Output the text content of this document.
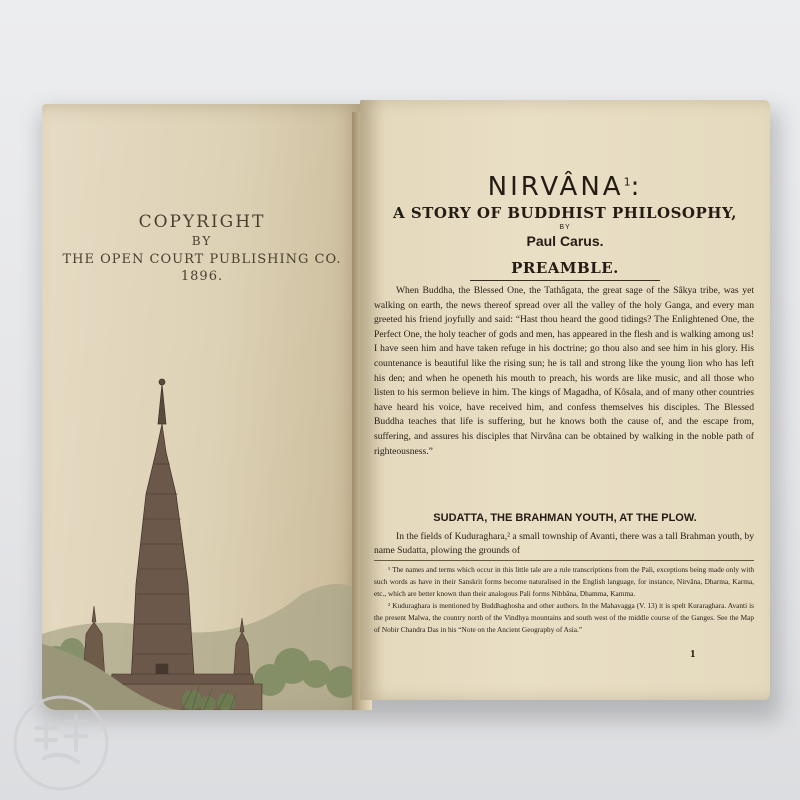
COPYRIGHT
BY
THE OPEN COURT PUBLISHING CO.
1896.
NIRVÂNA$^1$:
A STORY OF BUDDHIST PHILOSOPHY,
BY
Paul Carus.
PREAMBLE.
When Buddha, the Blessed One, the Tathâgata, the great sage of the Sâkya tribe, was yet walking on earth, the news thereof spread over all the valley of the holy Ganga, and every man greeted his friend joyfully and said: “Hast thou heard the good tidings? The Enlightened One, the Perfect One, the holy teacher of gods and men, has appeared in the flesh and is walking among us! I have seen him and have taken refuge in his doctrine; go thou also and see him in his glory. His countenance is beautiful like the rising sun; he is tall and strong like the young lion who has left his den; and when he openeth his mouth to preach, his words are like music, and all those who listen to his sermon believe in him. The kings of Magadha, of Kôsala, and of many other countries have heard his voice, have received him, and confess themselves his disciples. The Blessed Buddha teaches that life is suffering, but he knows both the cause of, and the escape from, suffering, and assures his disciples that Nirvâna can be obtained by walking in the noble path of righteousness.”
SUDATTA, THE BRAHMAN YOUTH, AT THE PLOW.
In the fields of Kuduraghara,² a small township of Avanti, there was a tall Brahman youth, by name Sudatta, plowing the grounds of

¹ The names and terms which occur in this little tale are a rule transcriptions from the Pali, exceptions being made only with such words as have in their Sanskrit forms become naturalised in the English language, for instance, Nirvâna, Dharma, Karma, etc., which are better known than their analogous Pali forms Nibbâna, Dhamma, Kamma.

² Kuduraghara is mentioned by Buddhaghosha and other authors. In the Mahavagga (V. 13) it is spelt Kuraraghara. Avanti is the present Malwa, the country north of the Vindhya mountains and south west of the middle course of the Ganges. See the Map of Nobir Chandra Das in his “Note on the Ancient Geography of Asia.”

1
